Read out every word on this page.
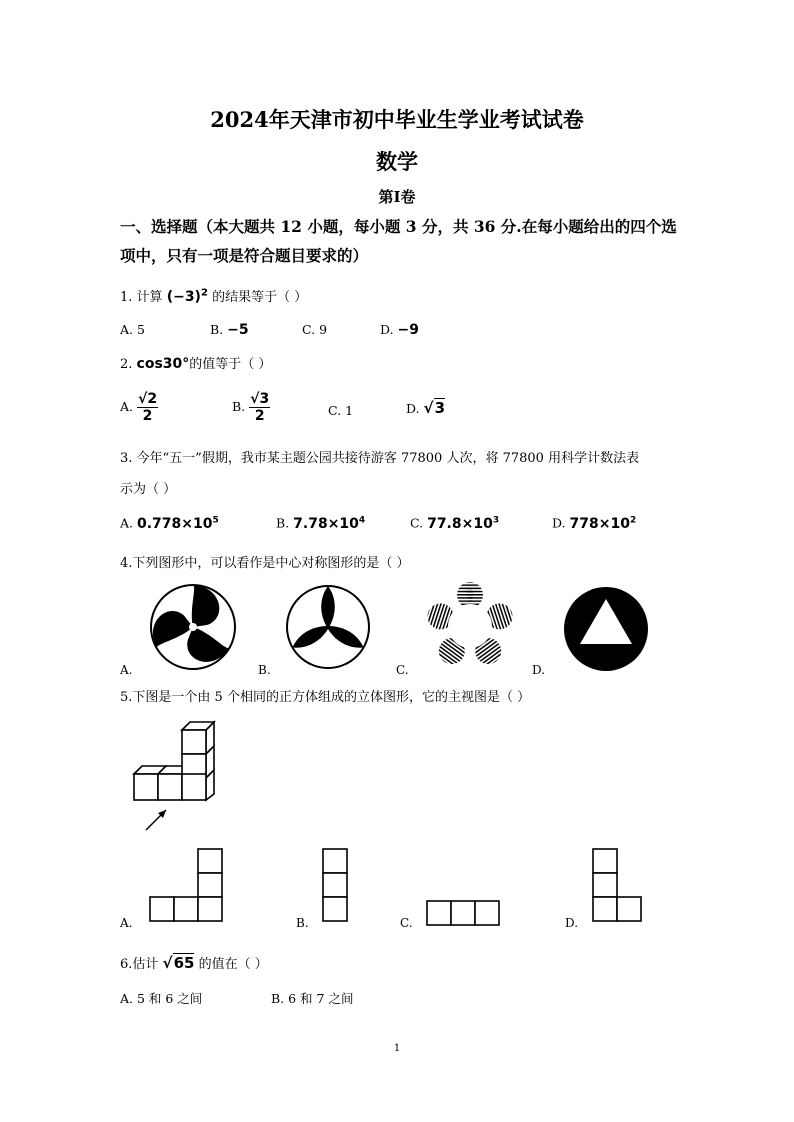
2024年天津市初中毕业生学业考试试卷
数学
第Ⅰ卷
一、选择题（本大题共 12 小题，每小题 3 分，共 36 分.在每小题给出的四个选
项中，只有一项是符合题目要求的）
1. 计算 $(-3)^2$ 的结果等于（ ）
A. 5	B. −5	C. 9	D. −9
2. cos30°的值等于（ ）
A. $\frac{√2}{2}$	B. $\frac{√3}{2}$	C. 1	D. √3
3. 今年“五一”假期，我市某主题公园共接待游客 77800 人次，将 77800 用科学计数法表
示为（ ）
A. $0.778\times 10^5$	B. $7.78\times 10^4$	C. $77.8\times 10^3$	D. $778\times 10^2$
4.下列图形中，可以看作是中心对称图形的是（ ）
A.	B.	C.	D.
5.下图是一个由 5 个相同的正方体组成的立体图形，它的主视图是（ ）
A.	B.	C.	D.
6.估计 √65 的值在（ ）
A. 5 和 6 之间	B. 6 和 7 之间
1
